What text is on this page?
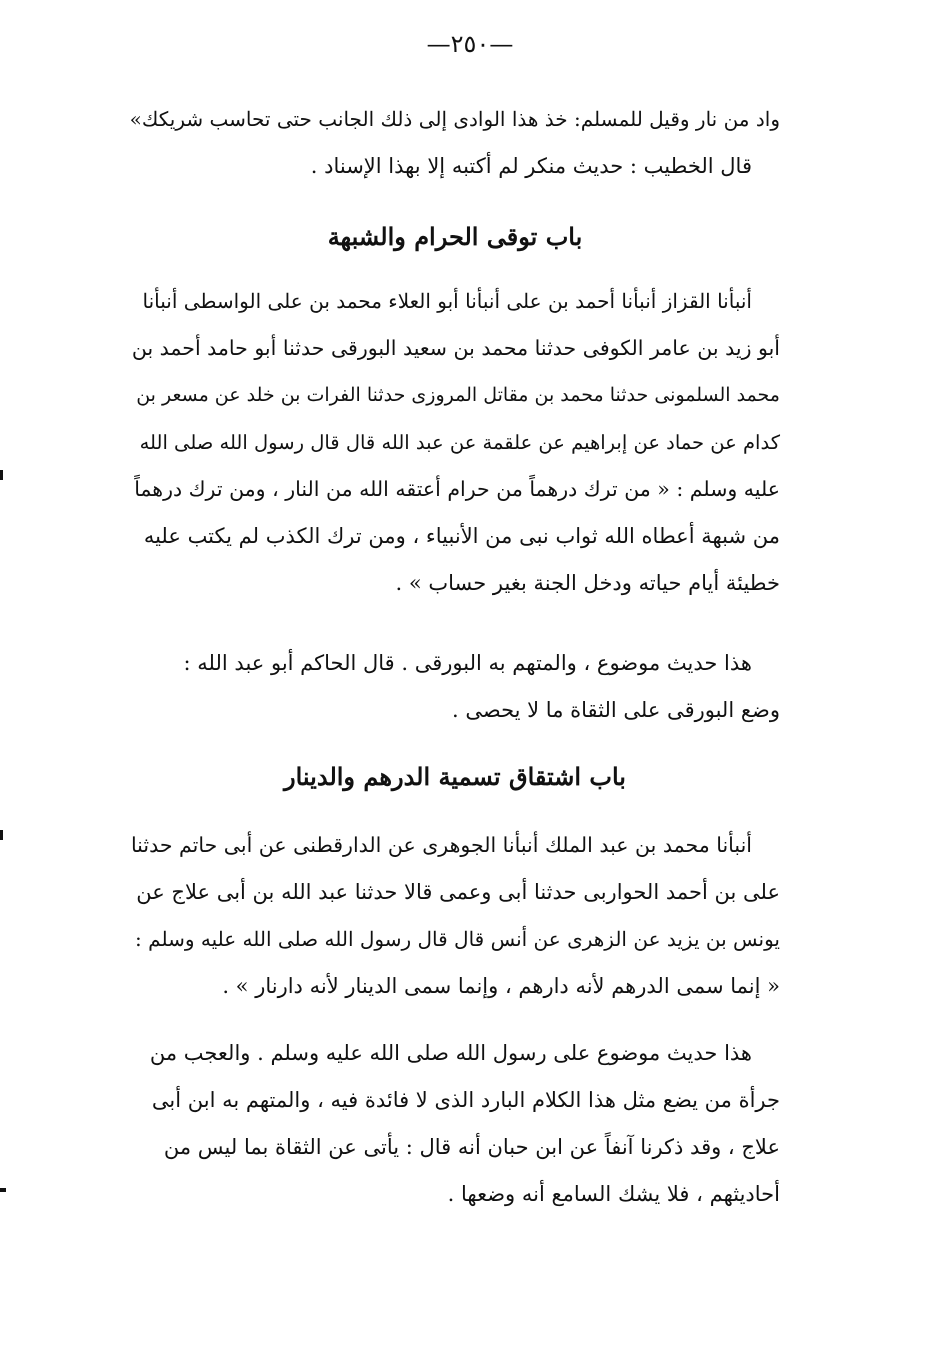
—٢٥٠—
واد من نار وقيل للمسلم: خذ هذا الوادى إلى ذلك الجانب حتى تحاسب شريكك»
قال الخطيب : حديث منكر لم أكتبه إلا بهذا الإسناد .
باب توقى الحرام والشبهة
أنبأنا القزاز أنبأنا أحمد بن على أنبأنا أبو العلاء محمد بن على الواسطى أنبأنا
أبو زيد بن عامر الكوفى حدثنا محمد بن سعيد البورقى حدثنا أبو حامد أحمد بن
محمد السلمونى حدثنا محمد بن مقاتل المروزى حدثنا الفرات بن خلد عن مسعر بن
كدام عن حماد عن إبراهيم عن علقمة عن عبد الله قال قال رسول الله صلى الله
عليه وسلم : « من ترك درهماً من حرام أعتقه الله من النار ، ومن ترك درهماً
من شبهة أعطاه الله ثواب نبى من الأنبياء ، ومن ترك الكذب لم يكتب عليه
خطيئة أيام حياته ودخل الجنة بغير حساب » .
هذا حديث موضوع ، والمتهم به البورقى . قال الحاكم أبو عبد الله :
وضع البورقى على الثقاة ما لا يحصى .
باب اشتقاق تسمية الدرهم والدينار
أنبأنا محمد بن عبد الملك أنبأنا الجوهرى عن الدارقطنى عن أبى حاتم حدثنا
على بن أحمد الحواربى حدثنا أبى وعمى قالا حدثنا عبد الله بن أبى علاج عن
يونس بن يزيد عن الزهرى عن أنس قال قال رسول الله صلى الله عليه وسلم :
« إنما سمى الدرهم لأنه دارهم ، وإنما سمى الدينار لأنه دارنار » .
هذا حديث موضوع على رسول الله صلى الله عليه وسلم . والعجب من
جرأة من يضع مثل هذا الكلام البارد الذى لا فائدة فيه ، والمتهم به ابن أبى
علاج ، وقد ذكرنا آنفاً عن ابن حبان أنه قال : يأتى عن الثقاة بما ليس من
أحاديثهم ، فلا يشك السامع أنه وضعها .
